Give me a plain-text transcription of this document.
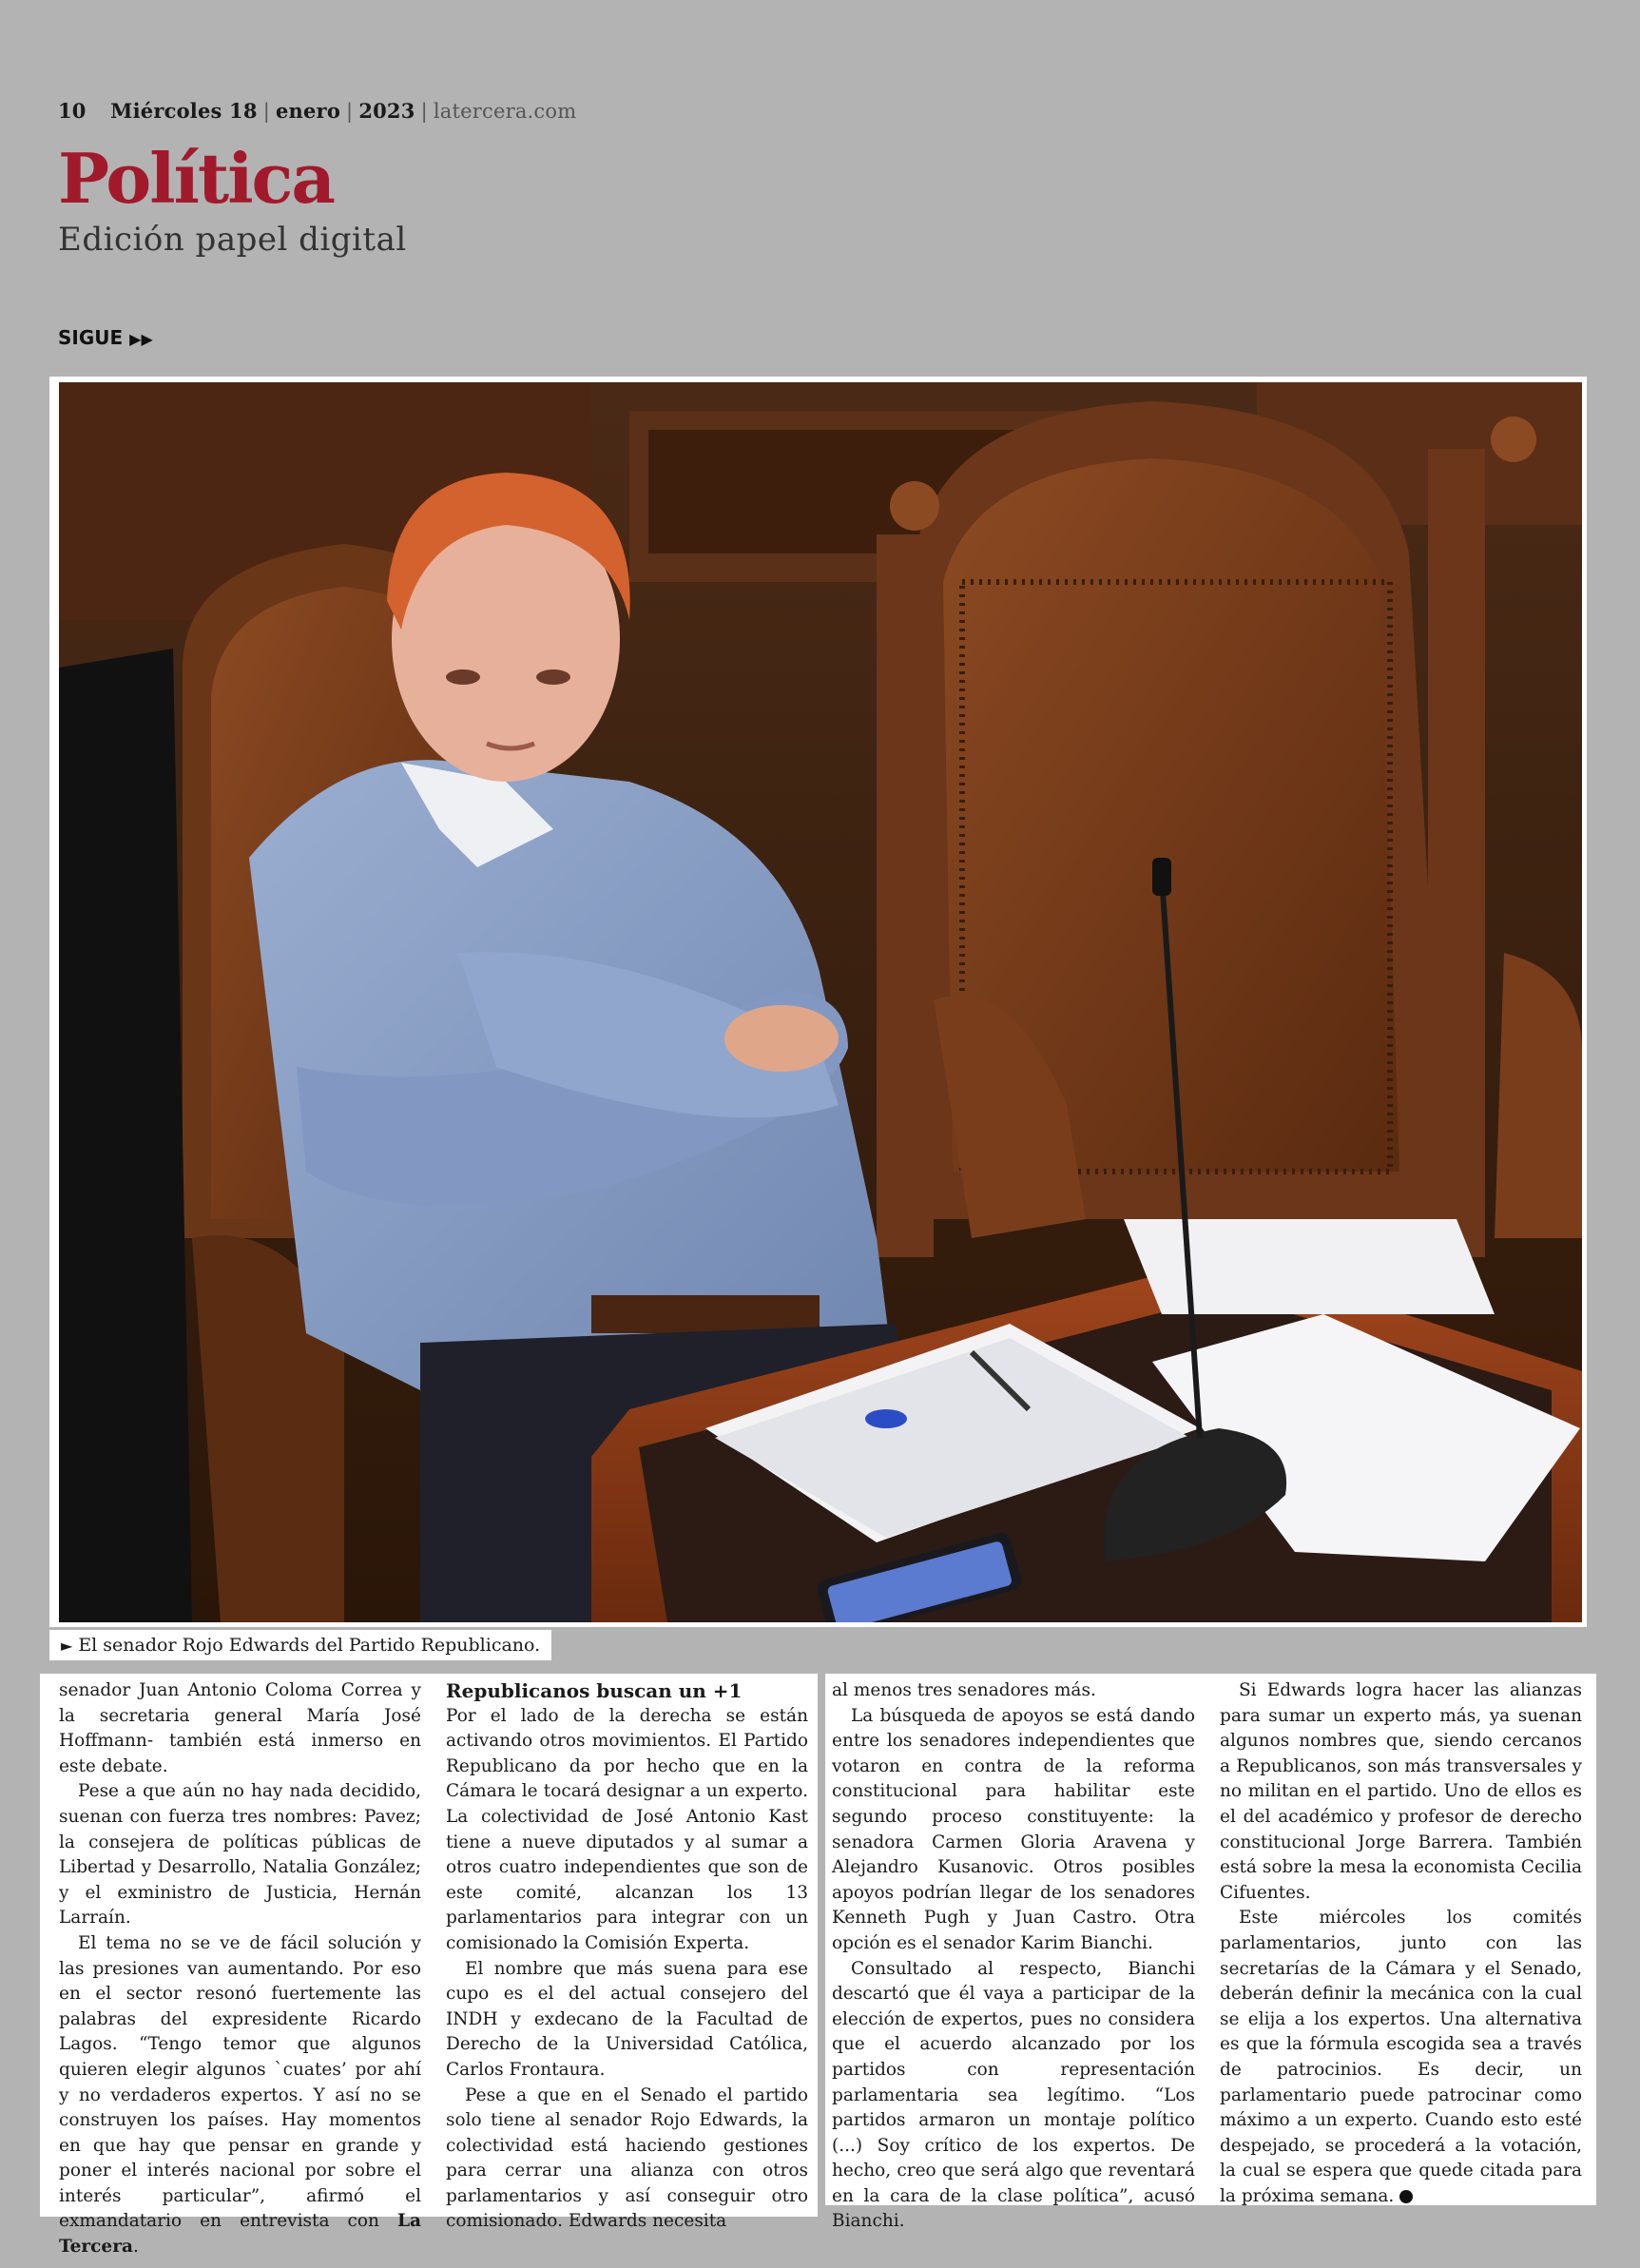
10 Miércoles 18 | enero | 2023 | latercera.com
Política
Edición papel digital
SIGUE ▶▶
► El senador Rojo Edwards del Partido Republicano.

senador Juan Antonio Coloma Correa y la secretaria general María José Hoffmann- también está inmerso en este debate.

Pese a que aún no hay nada decidido, suenan con fuerza tres nombres: Pavez; la consejera de políticas públicas de Libertad y Desarrollo, Natalia González; y el exministro de Justicia, Hernán Larraín.

El tema no se ve de fácil solución y las presiones van aumentando. Por eso en el sector resonó fuertemente las palabras del expresidente Ricardo Lagos. “Tengo temor que algunos quieren elegir algunos `cuates’ por ahí y no verdaderos expertos. Y así no se construyen los países. Hay momentos en que hay que pensar en grande y poner el interés nacional por sobre el interés particular”, afirmó el exmandatario en entrevista con La Tercera.

Republicanos buscan un +1

Por el lado de la derecha se están activando otros movimientos. El Partido Republicano da por hecho que en la Cámara le tocará designar a un experto. La colectividad de José Antonio Kast tiene a nueve diputados y al sumar a otros cuatro independientes que son de este comité, alcanzan los 13 parlamentarios para integrar con un comisionado la Comisión Experta.

El nombre que más suena para ese cupo es el del actual consejero del INDH y exdecano de la Facultad de Derecho de la Universidad Católica, Carlos Frontaura.

Pese a que en el Senado el partido solo tiene al senador Rojo Edwards, la colectividad está haciendo gestiones para cerrar una alianza con otros parlamentarios y así conseguir otro comisionado. Edwards necesita

al menos tres senadores más.

La búsqueda de apoyos se está dando entre los senadores independientes que votaron en contra de la reforma constitucional para habilitar este segundo proceso constituyente: la senadora Carmen Gloria Aravena y Alejandro Kusanovic. Otros posibles apoyos podrían llegar de los senadores Kenneth Pugh y Juan Castro. Otra opción es el senador Karim Bianchi.

Consultado al respecto, Bianchi descartó que él vaya a participar de la elección de expertos, pues no considera que el acuerdo alcanzado por los partidos con representación parlamentaria sea legítimo. “Los partidos armaron un montaje político (...) Soy crítico de los expertos. De hecho, creo que será algo que reventará en la cara de la clase política”, acusó Bianchi.

Si Edwards logra hacer las alianzas para sumar un experto más, ya suenan algunos nombres que, siendo cercanos a Republicanos, son más transversales y no militan en el partido. Uno de ellos es el del académico y profesor de derecho constitucional Jorge Barrera. También está sobre la mesa la economista Cecilia Cifuentes.

Este miércoles los comités parlamentarios, junto con las secretarías de la Cámara y el Senado, deberán definir la mecánica con la cual se elija a los expertos. Una alternativa es que la fórmula escogida sea a través de patrocinios. Es decir, un parlamentario puede patrocinar como máximo a un experto. Cuando esto esté despejado, se procederá a la votación, la cual se espera que quede citada para la próxima semana.
